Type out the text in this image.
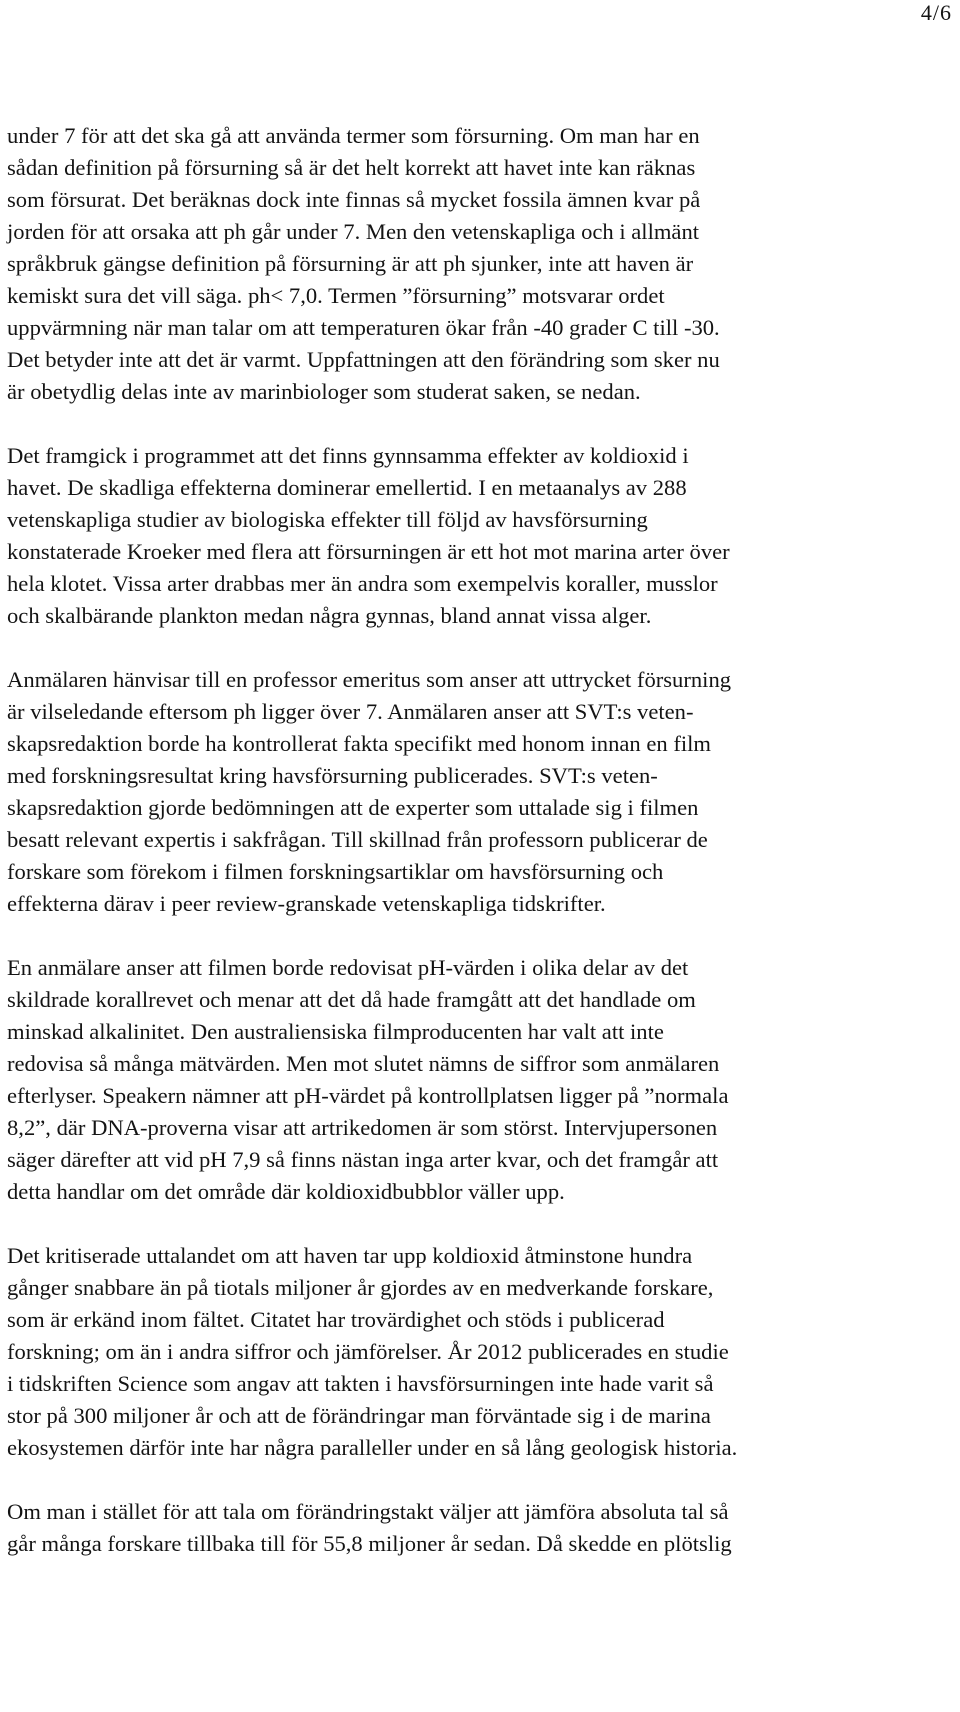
4/6

under 7 för att det ska gå att använda termer som försurning. Om man har en
sådan definition på försurning så är det helt korrekt att havet inte kan räknas
som försurat. Det beräknas dock inte finnas så mycket fossila ämnen kvar på
jorden för att orsaka att ph går under 7. Men den vetenskapliga och i allmänt
språkbruk gängse definition på försurning är att ph sjunker, inte att haven är
kemiskt sura det vill säga. ph< 7,0. Termen ”försurning” motsvarar ordet
uppvärmning när man talar om att temperaturen ökar från -40 grader C till -30.
Det betyder inte att det är varmt. Uppfattningen att den förändring som sker nu
är obetydlig delas inte av marinbiologer som studerat saken, se nedan.

Det framgick i programmet att det finns gynnsamma effekter av koldioxid i
havet. De skadliga effekterna dominerar emellertid. I en metaanalys av 288
vetenskapliga studier av biologiska effekter till följd av havsförsurning
konstaterade Kroeker med flera att försurningen är ett hot mot marina arter över
hela klotet. Vissa arter drabbas mer än andra som exempelvis koraller, musslor
och skalbärande plankton medan några gynnas, bland annat vissa alger.

Anmälaren hänvisar till en professor emeritus som anser att uttrycket försurning
är vilseledande eftersom ph ligger över 7. Anmälaren anser att SVT:s veten-
skapsredaktion borde ha kontrollerat fakta specifikt med honom innan en film
med forskningsresultat kring havsförsurning publicerades. SVT:s veten-
skapsredaktion gjorde bedömningen att de experter som uttalade sig i filmen
besatt relevant expertis i sakfrågan. Till skillnad från professorn publicerar de
forskare som förekom i filmen forskningsartiklar om havsförsurning och
effekterna därav i peer review-granskade vetenskapliga tidskrifter.

En anmälare anser att filmen borde redovisat pH-värden i olika delar av det
skildrade korallrevet och menar att det då hade framgått att det handlade om
minskad alkalinitet. Den australiensiska filmproducenten har valt att inte
redovisa så många mätvärden. Men mot slutet nämns de siffror som anmälaren
efterlyser. Speakern nämner att pH-värdet på kontrollplatsen ligger på ”normala
8,2”, där DNA-proverna visar att artrikedomen är som störst. Intervjupersonen
säger därefter att vid pH 7,9 så finns nästan inga arter kvar, och det framgår att
detta handlar om det område där koldioxidbubblor väller upp.

Det kritiserade uttalandet om att haven tar upp koldioxid åtminstone hundra
gånger snabbare än på tiotals miljoner år gjordes av en medverkande forskare,
som är erkänd inom fältet. Citatet har trovärdighet och stöds i publicerad
forskning; om än i andra siffror och jämförelser. År 2012 publicerades en studie
i tidskriften Science som angav att takten i havsförsurningen inte hade varit så
stor på 300 miljoner år och att de förändringar man förväntade sig i de marina
ekosystemen därför inte har några paralleller under en så lång geologisk historia.

Om man i stället för att tala om förändringstakt väljer att jämföra absoluta tal så
går många forskare tillbaka till för 55,8 miljoner år sedan. Då skedde en plötslig
